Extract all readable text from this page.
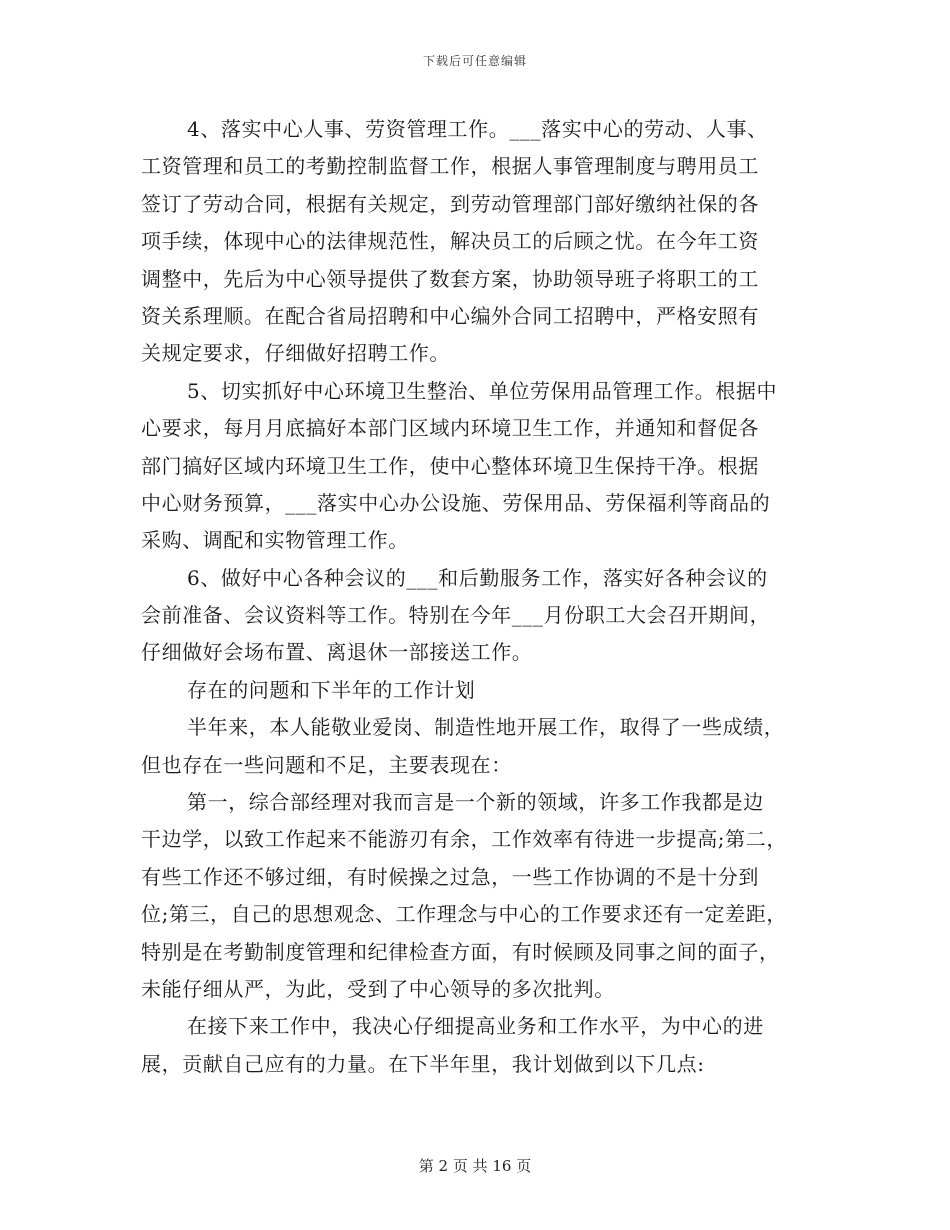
下载后可任意编辑
4、落实中心人事、劳资管理工作。___落实中心的劳动、人事、
工资管理和员工的考勤控制监督工作，根据人事管理制度与聘用员工
签订了劳动合同，根据有关规定，到劳动管理部门部好缴纳社保的各
项手续，体现中心的法律规范性，解决员工的后顾之忧。在今年工资
调整中，先后为中心领导提供了数套方案，协助领导班子将职工的工
资关系理顺。在配合省局招聘和中心编外合同工招聘中，严格安照有
关规定要求，仔细做好招聘工作。
5、切实抓好中心环境卫生整治、单位劳保用品管理工作。根据中
心要求，每月月底搞好本部门区域内环境卫生工作，并通知和督促各
部门搞好区域内环境卫生工作，使中心整体环境卫生保持干净。根据
中心财务预算，___落实中心办公设施、劳保用品、劳保福利等商品的
采购、调配和实物管理工作。
6、做好中心各种会议的___和后勤服务工作，落实好各种会议的
会前准备、会议资料等工作。特别在今年___月份职工大会召开期间，
仔细做好会场布置、离退休一部接送工作。
存在的问题和下半年的工作计划
半年来，本人能敬业爱岗、制造性地开展工作，取得了一些成绩，
但也存在一些问题和不足，主要表现在：
第一，综合部经理对我而言是一个新的领域，许多工作我都是边
干边学，以致工作起来不能游刃有余，工作效率有待进一步提高;第二，
有些工作还不够过细，有时候操之过急，一些工作协调的不是十分到
位;第三，自己的思想观念、工作理念与中心的工作要求还有一定差距，
特别是在考勤制度管理和纪律检查方面，有时候顾及同事之间的面子，
未能仔细从严，为此，受到了中心领导的多次批判。
在接下来工作中，我决心仔细提高业务和工作水平，为中心的进
展，贡献自己应有的力量。在下半年里，我计划做到以下几点:
第 2 页 共 16 页
